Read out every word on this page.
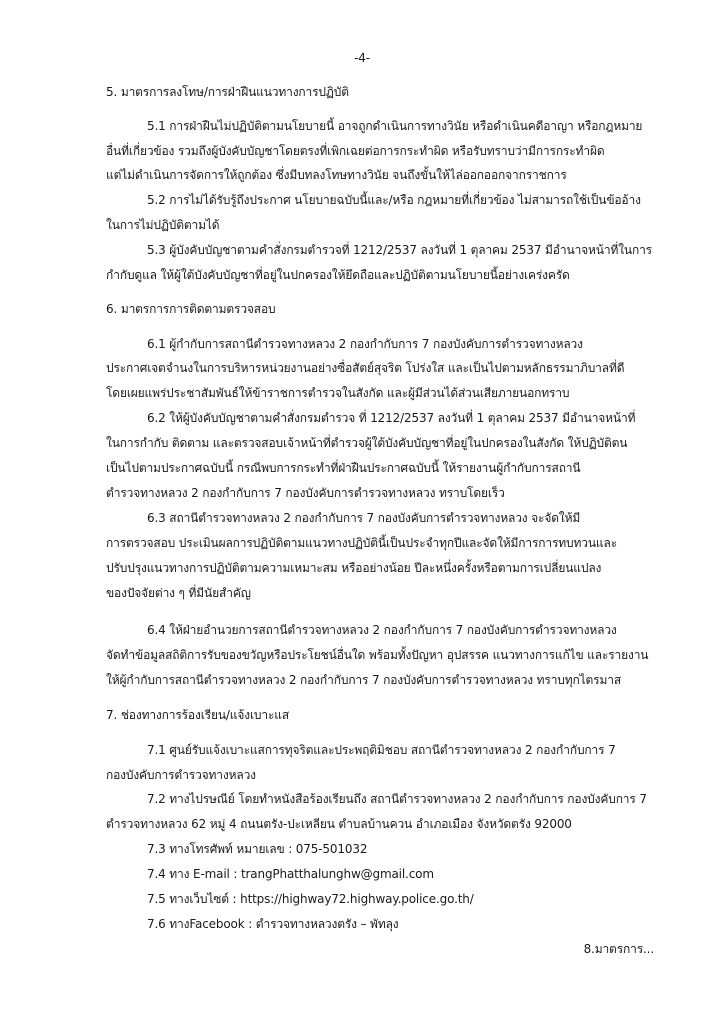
-4-
5. มาตรการลงโทษ/การฝ่าฝืนแนวทางการปฏิบัติ
5.1 การฝ่าฝืนไม่ปฏิบัติตามนโยบายนี้ อาจถูกดำเนินการทางวินัย หรือดำเนินคดีอาญา หรือกฎหมาย
อื่นที่เกี่ยวข้อง รวมถึงผู้บังคับบัญชาโดยตรงที่เพิกเฉยต่อการกระทำผิด หรือรับทราบว่ามีการกระทำผิด
แต่ไม่ดำเนินการจัดการให้ถูกต้อง ซึ่งมีบทลงโทษทางวินัย จนถึงขั้นให้ไล่ออกออกจากราชการ
5.2 การไม่ได้รับรู้ถึงประกาศ นโยบายฉบับนี้และ/หรือ กฎหมายที่เกี่ยวข้อง ไม่สามารถใช้เป็นข้ออ้าง
ในการไม่ปฏิบัติตามได้
5.3 ผู้บังคับบัญชาตามคำสั่งกรมตำรวจที่ 1212/2537 ลงวันที่ 1 ตุลาคม 2537 มีอำนาจหน้าที่ในการ
กำกับดูแล ให้ผู้ใต้บังคับบัญชาที่อยู่ในปกครองให้ยึดถือและปฏิบัติตามนโยบายนี้อย่างเคร่งครัด
6. มาตรการการติดตามตรวจสอบ
6.1 ผู้กำกับการสถานีตำรวจทางหลวง 2 กองกำกับการ 7 กองบังคับการตำรวจทางหลวง
ประกาศเจตจำนงในการบริหารหน่วยงานอย่างซื่อสัตย์สุจริต โปร่งใส และเป็นไปตามหลักธรรมาภิบาลที่ดี
โดยเผยแพร่ประชาสัมพันธ์ให้ข้าราชการตำรวจในสังกัด และผู้มีส่วนได้ส่วนเสียภายนอกทราบ
6.2 ให้ผู้บังคับบัญชาตามคำสั่งกรมตำรวจ ที่ 1212/2537 ลงวันที่ 1 ตุลาคม 2537 มีอำนาจหน้าที่
ในการกำกับ ติดตาม และตรวจสอบเจ้าหน้าที่ตำรวจผู้ใต้บังคับบัญชาที่อยู่ในปกครองในสังกัด ให้ปฏิบัติตน
เป็นไปตามประกาศฉบับนี้ กรณีพบการกระทำที่ฝ่าฝืนประกาศฉบับนี้ ให้รายงานผู้กำกับการสถานี
ตำรวจทางหลวง 2 กองกำกับการ 7 กองบังคับการตำรวจทางหลวง ทราบโดยเร็ว
6.3 สถานีตำรวจทางหลวง 2 กองกำกับการ 7 กองบังคับการตำรวจทางหลวง จะจัดให้มี
การตรวจสอบ ประเมินผลการปฏิบัติตามแนวทางปฏิบัตินี้เป็นประจำทุกปีและจัดให้มีการการทบทวนและ
ปรับปรุงแนวทางการปฏิบัติตามความเหมาะสม หรืออย่างน้อย ปีละหนึ่งครั้งหรือตามการเปลี่ยนแปลง
ของปัจจัยต่าง ๆ ที่มีนัยสำคัญ
6.4 ให้ฝ่ายอำนวยการสถานีตำรวจทางหลวง 2 กองกำกับการ 7 กองบังคับการตำรวจทางหลวง
จัดทำข้อมูลสถิติการรับของขวัญหรือประโยชน์อื่นใด พร้อมทั้งปัญหา อุปสรรค แนวทางการแก้ไข และรายงาน
ให้ผู้กำกับการสถานีตำรวจทางหลวง 2 กองกำกับการ 7 กองบังคับการตำรวจทางหลวง ทราบทุกไตรมาส
7. ช่องทางการร้องเรียน/แจ้งเบาะแส
7.1 ศูนย์รับแจ้งเบาะแสการทุจริตและประพฤติมิชอบ สถานีตำรวจทางหลวง 2 กองกำกับการ 7
กองบังคับการตำรวจทางหลวง
7.2 ทางไปรษณีย์ โดยทำหนังสือร้องเรียนถึง สถานีตำรวจทางหลวง 2 กองกำกับการ กองบังคับการ 7
ตำรวจทางหลวง 62 หมู่ 4 ถนนตรัง-ปะเหลียน ตำบลบ้านควน อำเภอเมือง จังหวัดตรัง 92000
7.3 ทางโทรศัพท์ หมายเลข : 075-501032
7.4 ทาง E-mail : trangPhatthalunghw@gmail.com
7.5 ทางเว็บไซต์ : https://highway72.highway.police.go.th/
7.6 ทางFacebook : ตำรวจทางหลวงตรัง – พัทลุง
8.มาตรการ...
